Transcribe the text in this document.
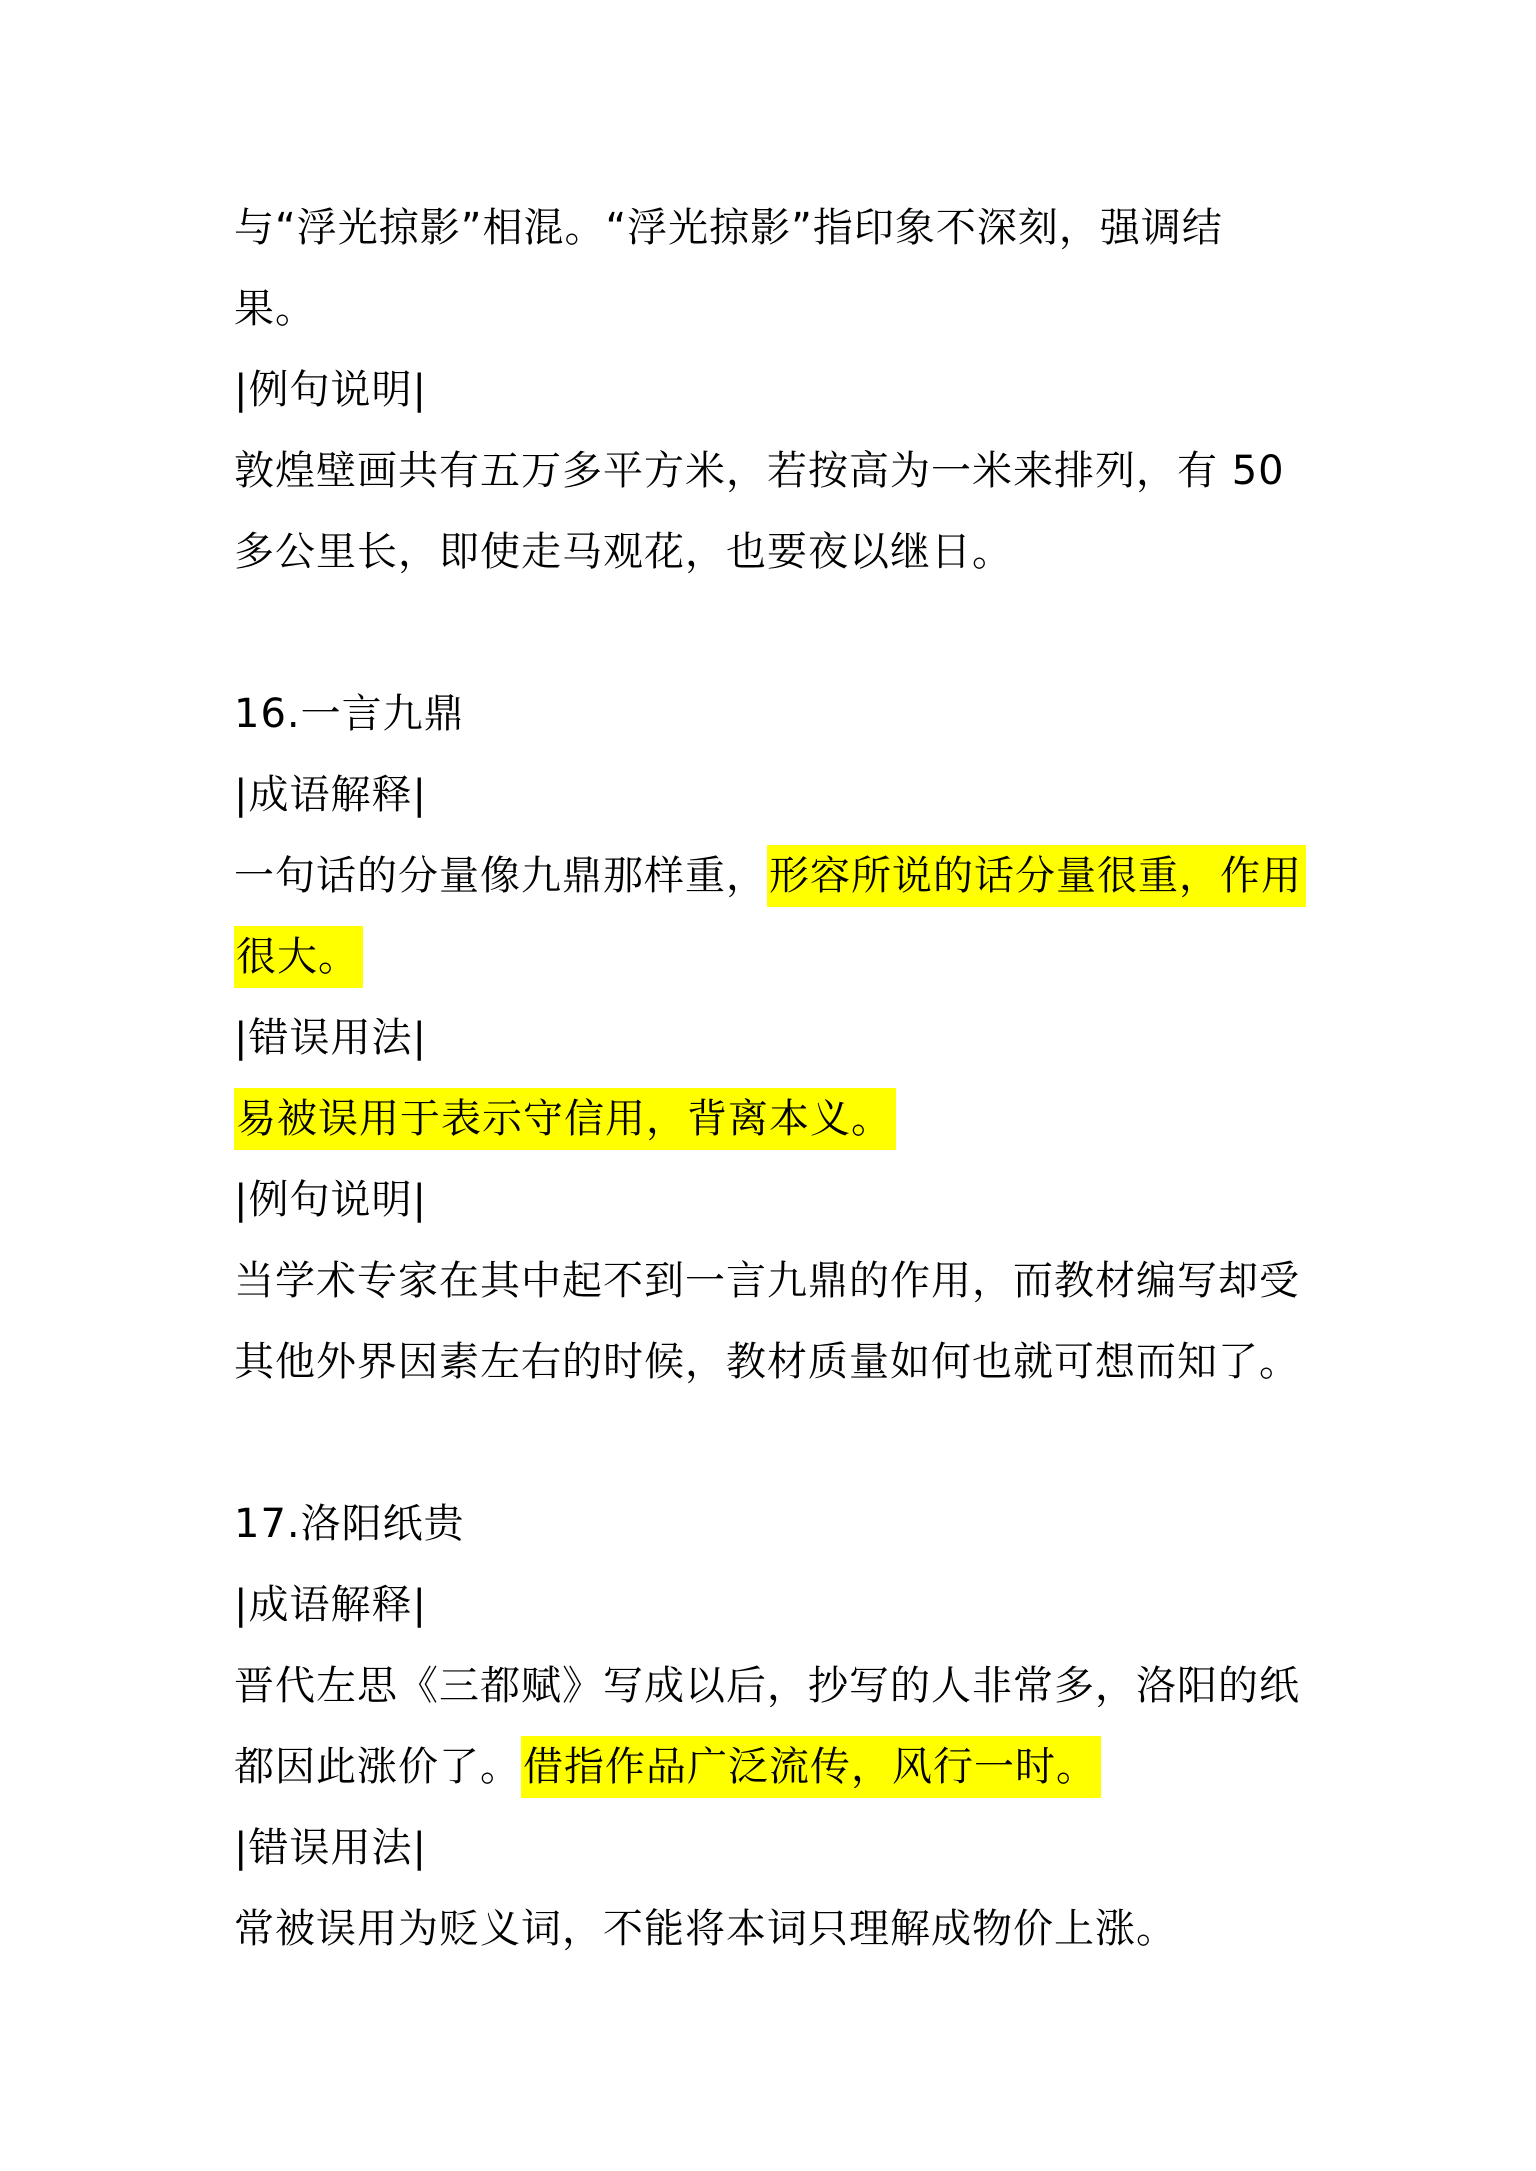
与“浮光掠影”相混。“浮光掠影”指印象不深刻，强调结
果。
|例句说明|
敦煌壁画共有五万多平方米，若按高为一米来排列，有 50
多公里长，即使走马观花，也要夜以继日。
16.一言九鼎
|成语解释|
一句话的分量像九鼎那样重，形容所说的话分量很重，作用
很大。
|错误用法|
易被误用于表示守信用，背离本义。
|例句说明|
当学术专家在其中起不到一言九鼎的作用，而教材编写却受
其他外界因素左右的时候，教材质量如何也就可想而知了。
17.洛阳纸贵
|成语解释|
晋代左思《三都赋》写成以后，抄写的人非常多，洛阳的纸
都因此涨价了。借指作品广泛流传，风行一时。
|错误用法|
常被误用为贬义词，不能将本词只理解成物价上涨。
